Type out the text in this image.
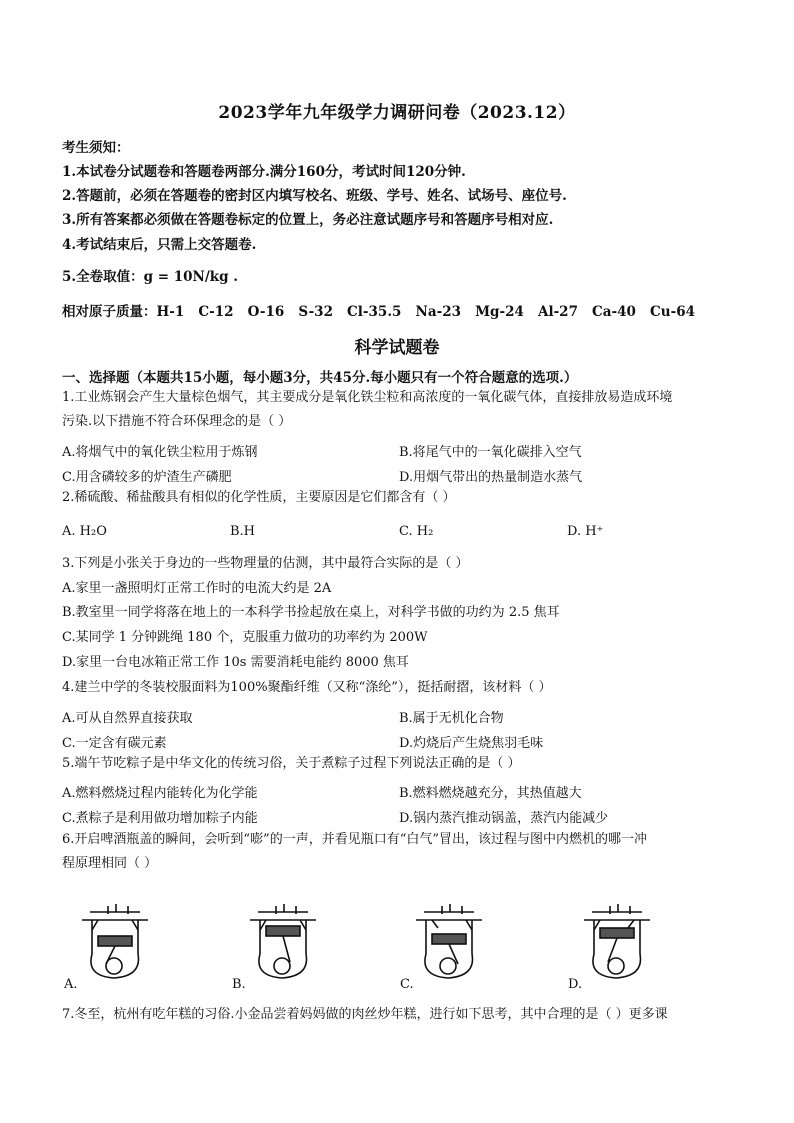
2023学年九年级学力调研问卷（2023.12）
考生须知：
1.本试卷分试题卷和答题卷两部分.满分160分，考试时间120分钟.
2.答题前，必须在答题卷的密封区内填写校名、班级、学号、姓名、试场号、座位号.
3.所有答案都必须做在答题卷标定的位置上，务必注意试题序号和答题序号相对应.
4.考试结束后，只需上交答题卷.
5.全卷取值：g = 10N/kg .
相对原子质量：H-1   C-12   O-16   S-32   Cl-35.5   Na-23   Mg-24   Al-27   Ca-40   Cu-64
科学试题卷
一、选择题（本题共15小题，每小题3分，共45分.每小题只有一个符合题意的选项.）
1.工业炼钢会产生大量棕色烟气，其主要成分是氧化铁尘粒和高浓度的一氧化碳气体，直接排放易造成环境
污染.以下措施不符合环保理念的是（ ）
A.将烟气中的氧化铁尘粒用于炼钢	B.将尾气中的一氧化碳排入空气
C.用含磷较多的炉渣生产磷肥	D.用烟气带出的热量制造水蒸气
2.稀硫酸、稀盐酸具有相似的化学性质，主要原因是它们都含有（ ）
A. H₂O	B.H	C. H₂	D. H⁺
3.下列是小张关于身边的一些物理量的估测，其中最符合实际的是（ ）
A.家里一盏照明灯正常工作时的电流大约是 2A
B.教室里一同学将落在地上的一本科学书捡起放在桌上，对科学书做的功约为 2.5 焦耳
C.某同学 1 分钟跳绳 180 个，克服重力做功的功率约为 200W
D.家里一台电冰箱正常工作 10s 需要消耗电能约 8000 焦耳
4.建兰中学的冬装校服面料为100%聚酯纤维（又称“涤纶”），挺括耐摺，该材料（ ）
A.可从自然界直接获取	B.属于无机化合物
C.一定含有碳元素	D.灼烧后产生烧焦羽毛味
5.端午节吃粽子是中华文化的传统习俗，关于煮粽子过程下列说法正确的是（ ）
A.燃料燃烧过程内能转化为化学能	B.燃料燃烧越充分，其热值越大
C.煮粽子是利用做功增加粽子内能	D.锅内蒸汽推动锅盖，蒸汽内能减少
6.开启啤酒瓶盖的瞬间，会听到“嘭”的一声，并看见瓶口有“白气”冒出，该过程与图中内燃机的哪一冲
程原理相同（ ）
A.	B.	C.	D.
7.冬至，杭州有吃年糕的习俗.小金品尝着妈妈做的肉丝炒年糕，进行如下思考，其中合理的是（ ）更多课
